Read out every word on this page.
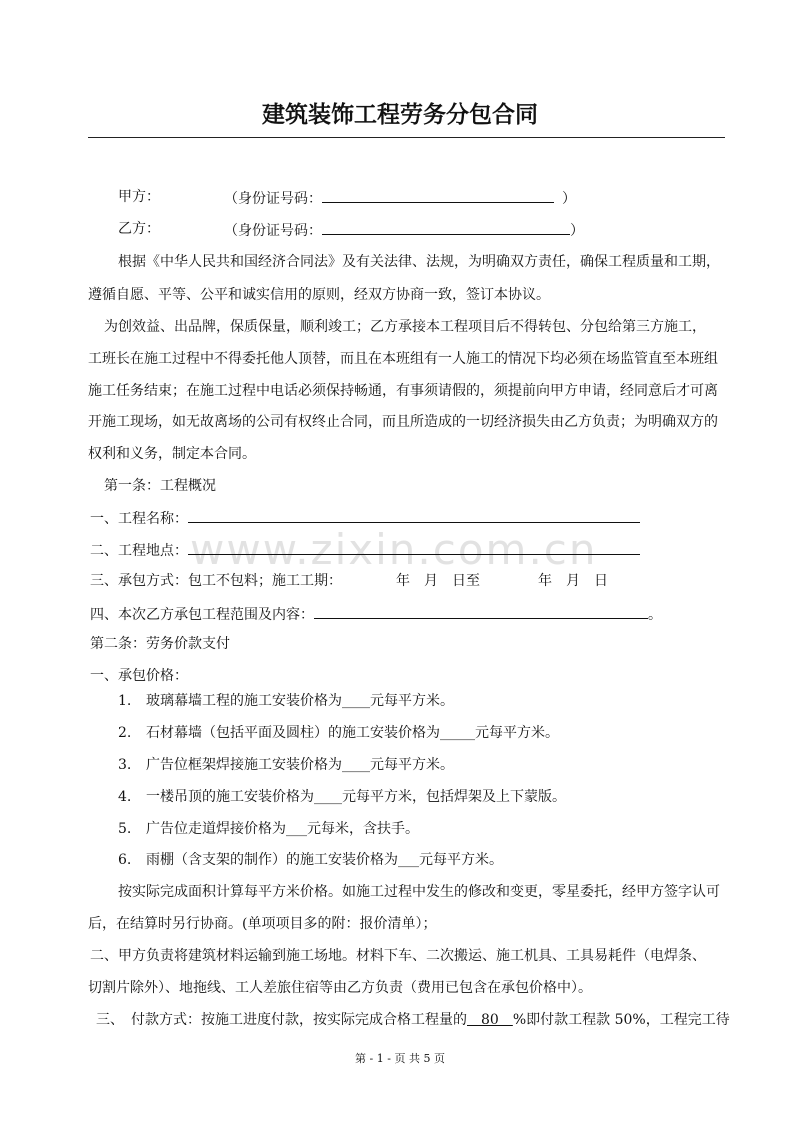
建筑装饰工程劳务分包合同
www.zixin.com.cn
甲方：	（身份证号码：	）
乙方：	（身份证号码：	）
根据《中华人民共和国经济合同法》及有关法律、法规，为明确双方责任，确保工程质量和工期，
遵循自愿、平等、公平和诚实信用的原则，经双方协商一致，签订本协议。
为创效益、出品牌，保质保量，顺利竣工；乙方承接本工程项目后不得转包、分包给第三方施工，
工班长在施工过程中不得委托他人顶替，而且在本班组有一人施工的情况下均必须在场监管直至本班组
施工任务结束；在施工过程中电话必须保持畅通，有事须请假的，须提前向甲方申请，经同意后才可离
开施工现场，如无故离场的公司有权终止合同，而且所造成的一切经济损失由乙方负责；为明确双方的
权利和义务，制定本合同。
第一条：工程概况
一、工程名称：
二、工程地点：
三、承包方式：包工不包料；施工工期：	年　月　日至	年　月　日
四、本次乙方承包工程范围及内容：	。
第二条：劳务价款支付
一、承包价格：
1. 玻璃幕墙工程的施工安装价格为____元每平方米。
2. 石材幕墙（包括平面及圆柱）的施工安装价格为_____元每平方米。
3. 广告位框架焊接施工安装价格为____元每平方米。
4. 一楼吊顶的施工安装价格为____元每平方米，包括焊架及上下蒙版。
5. 广告位走道焊接价格为___元每米，含扶手。
6. 雨棚（含支架的制作）的施工安装价格为___元每平方米。
按实际完成面积计算每平方米价格。如施工过程中发生的修改和变更，零星委托，经甲方签字认可
后，在结算时另行协商。(单项项目多的附：报价清单）；
二、甲方负责将建筑材料运输到施工场地。材料下车、二次搬运、施工机具、工具易耗件（电焊条、
切割片除外）、地拖线、工人差旅住宿等由乙方负责（费用已包含在承包价格中）。
三、　付款方式：按施工进度付款，按实际完成合格工程量的　80　%即付款工程款 50%，工程完工待
第 - 1 - 页 共 5 页
